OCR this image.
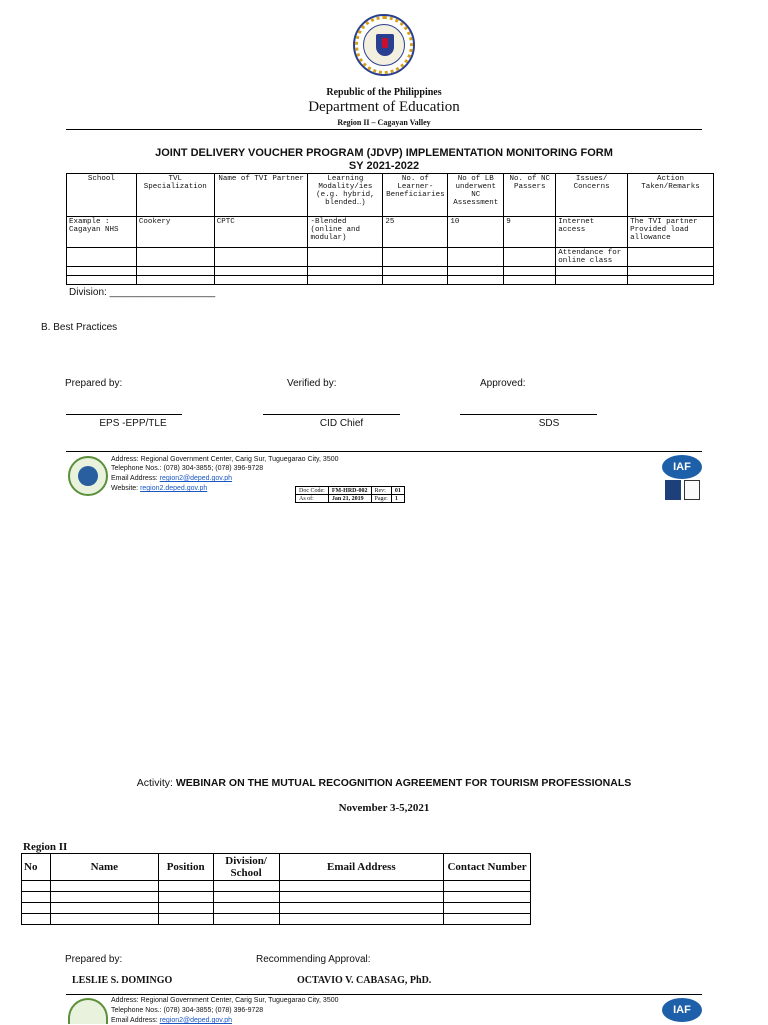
Republic of the Philippines
Department of Education
Region II – Cagayan Valley
JOINT DELIVERY VOUCHER PROGRAM (JDVP) IMPLEMENTATION MONITORING FORM
SY 2021-2022
School	TVL Specialization	Name of TVI Partner	Learning Modality/ies (e.g. hybrid, blended…)	No. of Learner-Beneficiaries	No of LB underwent NC Assessment	No. of NC Passers	Issues/ Concerns	Action Taken/Remarks
Example : Cagayan NHS	Cookery	CPTC	-Blended (online and modular)	25	10	9	Internet access	The TVI partner Provided load allowance
							Attendance for online class	

Division: ___________________
B. Best Practices
Prepared by:	Verified by:	Approved:
EPS -EPP/TLE	CID Chief	SDS
Address: Regional Government Center, Carig Sur, Tuguegarao City, 3500
Telephone Nos.: (078) 304-3855; (078) 396-9728
Email Address: region2@deped.gov.ph
Website: region2.deped.gov.ph	Doc Code:	FM-HRD-002	Rev:	01
As of:	Jan 21, 2019	Page:	1
IAF
Activity: WEBINAR ON THE MUTUAL RECOGNITION AGREEMENT FOR TOURISM PROFESSIONALS
November 3-5,2021
Region II
No	Name	Position	Division/ School	Email Address	Contact Number

Prepared by:	Recommending Approval:
LESLIE S. DOMINGO	OCTAVIO V. CABASAG, PhD.
Address: Regional Government Center, Carig Sur, Tuguegarao City, 3500
Telephone Nos.: (078) 304-3855; (078) 396-9728
Email Address: region2@deped.gov.ph
IAF
